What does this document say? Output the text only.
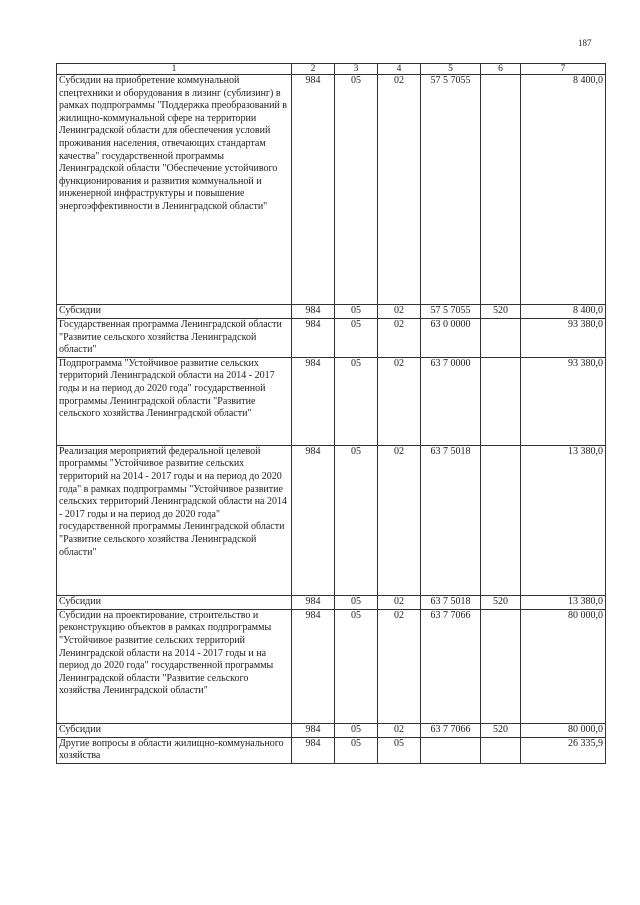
187
1	2	3	4	5	6	7
Субсидии на приобретение коммунальной спецтехники и оборудования в лизинг (сублизинг) в рамках подпрограммы "Поддержка преобразований в жилищно-коммунальной сфере на территории Ленинградской области для обеспечения условий проживания населения, отвечающих стандартам качества" государственной программы Ленинградской области "Обеспечение устойчивого функционирования и развития коммунальной и инженерной инфраструктуры и повышение энергоэффективности в Ленинградской области"	984	05	02	57 5 7055		8 400,0
Субсидии	984	05	02	57 5 7055	520	8 400,0
Государственная программа Ленинградской области "Развитие сельского хозяйства Ленинградской области"	984	05	02	63 0 0000		93 380,0
Подпрограмма "Устойчивое развитие сельских территорий Ленинградской области на 2014 - 2017 годы и на период до 2020 года" государственной программы Ленинградской области "Развитие сельского хозяйства Ленинградской области"	984	05	02	63 7 0000		93 380,0
Реализация мероприятий федеральной целевой программы "Устойчивое развитие сельских территорий на 2014 - 2017 годы и на период до 2020 года" в рамках подпрограммы "Устойчивое развитие сельских территорий Ленинградской области на 2014 - 2017 годы и на период до 2020 года" государственной программы Ленинградской области "Развитие сельского хозяйства Ленинградской области"	984	05	02	63 7 5018		13 380,0
Субсидии	984	05	02	63 7 5018	520	13 380,0
Субсидии на проектирование, строительство и реконструкцию объектов в рамках подпрограммы "Устойчивое развитие сельских территорий Ленинградской области на 2014 - 2017 годы и на период до 2020 года" государственной программы Ленинградской области "Развитие сельского хозяйства Ленинградской области"	984	05	02	63 7 7066		80 000,0
Субсидии	984	05	02	63 7 7066	520	80 000,0
Другие вопросы в области жилищно-коммунального хозяйства	984	05	05			26 335,9
